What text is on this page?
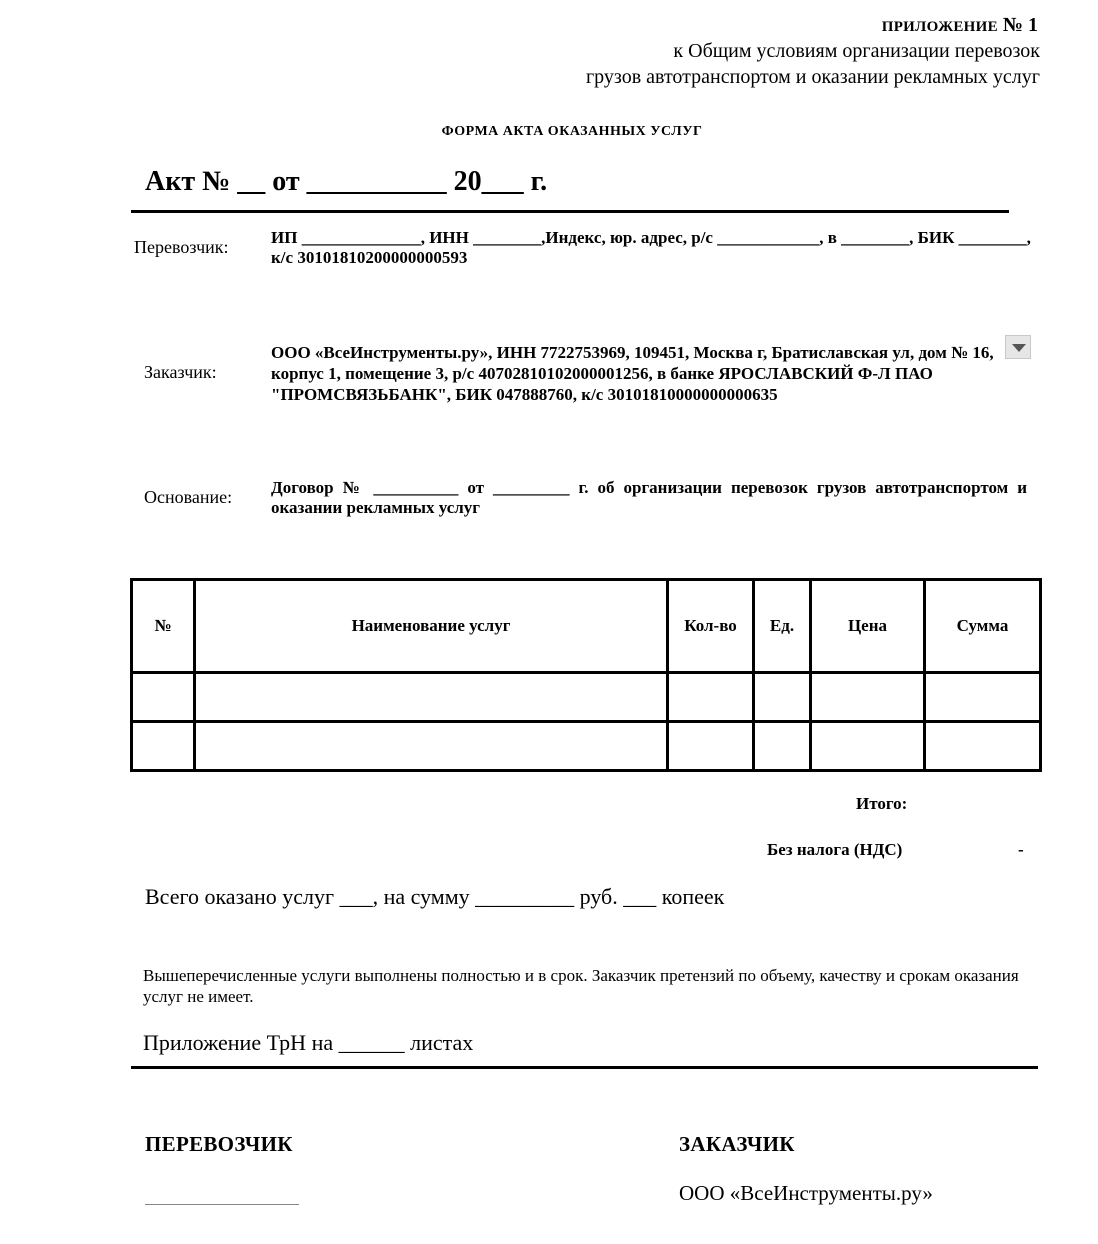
ПРИЛОЖЕНИЕ № 1
к Общим условиям организации перевозок
грузов автотранспортом и оказании рекламных услуг
ФОРМА АКТА ОКАЗАННЫХ УСЛУГ
Акт № __ от __________ 20___ г.
Перевозчик: ИП ______________, ИНН ________,Индекс, юр. адрес, р/с ____________, в ________, БИК ________, к/с 30101810200000000593
Заказчик:
ООО «ВсеИнструменты.ру», ИНН 7722753969, 109451, Москва г, Братиславская ул, дом № 16, корпус 1, помещение 3, р/с 40702810102000001256, в банке ЯРОСЛАВСКИЙ Ф-Л ПАО "ПРОМСВЯЗЬБАНК", БИК 047888760, к/с 30101810000000000635
Основание: Договор № __________ от _________ г. об организации перевозок грузов автотранспортом и оказании рекламных услуг
№	Наименование услуг	Кол-во	Ед.	Цена	Сумма

Итого:
Без налога (НДС)	-
Всего оказано услуг ___, на сумму _________ руб. ___ копеек
Вышеперечисленные услуги выполнены полностью и в срок. Заказчик претензий по объему, качеству и срокам оказания услуг не имеет.
Приложение ТрН на ______ листах
ПЕРЕВОЗЧИК	ЗАКАЗЧИК
ООО «ВсеИнструменты.ру»
